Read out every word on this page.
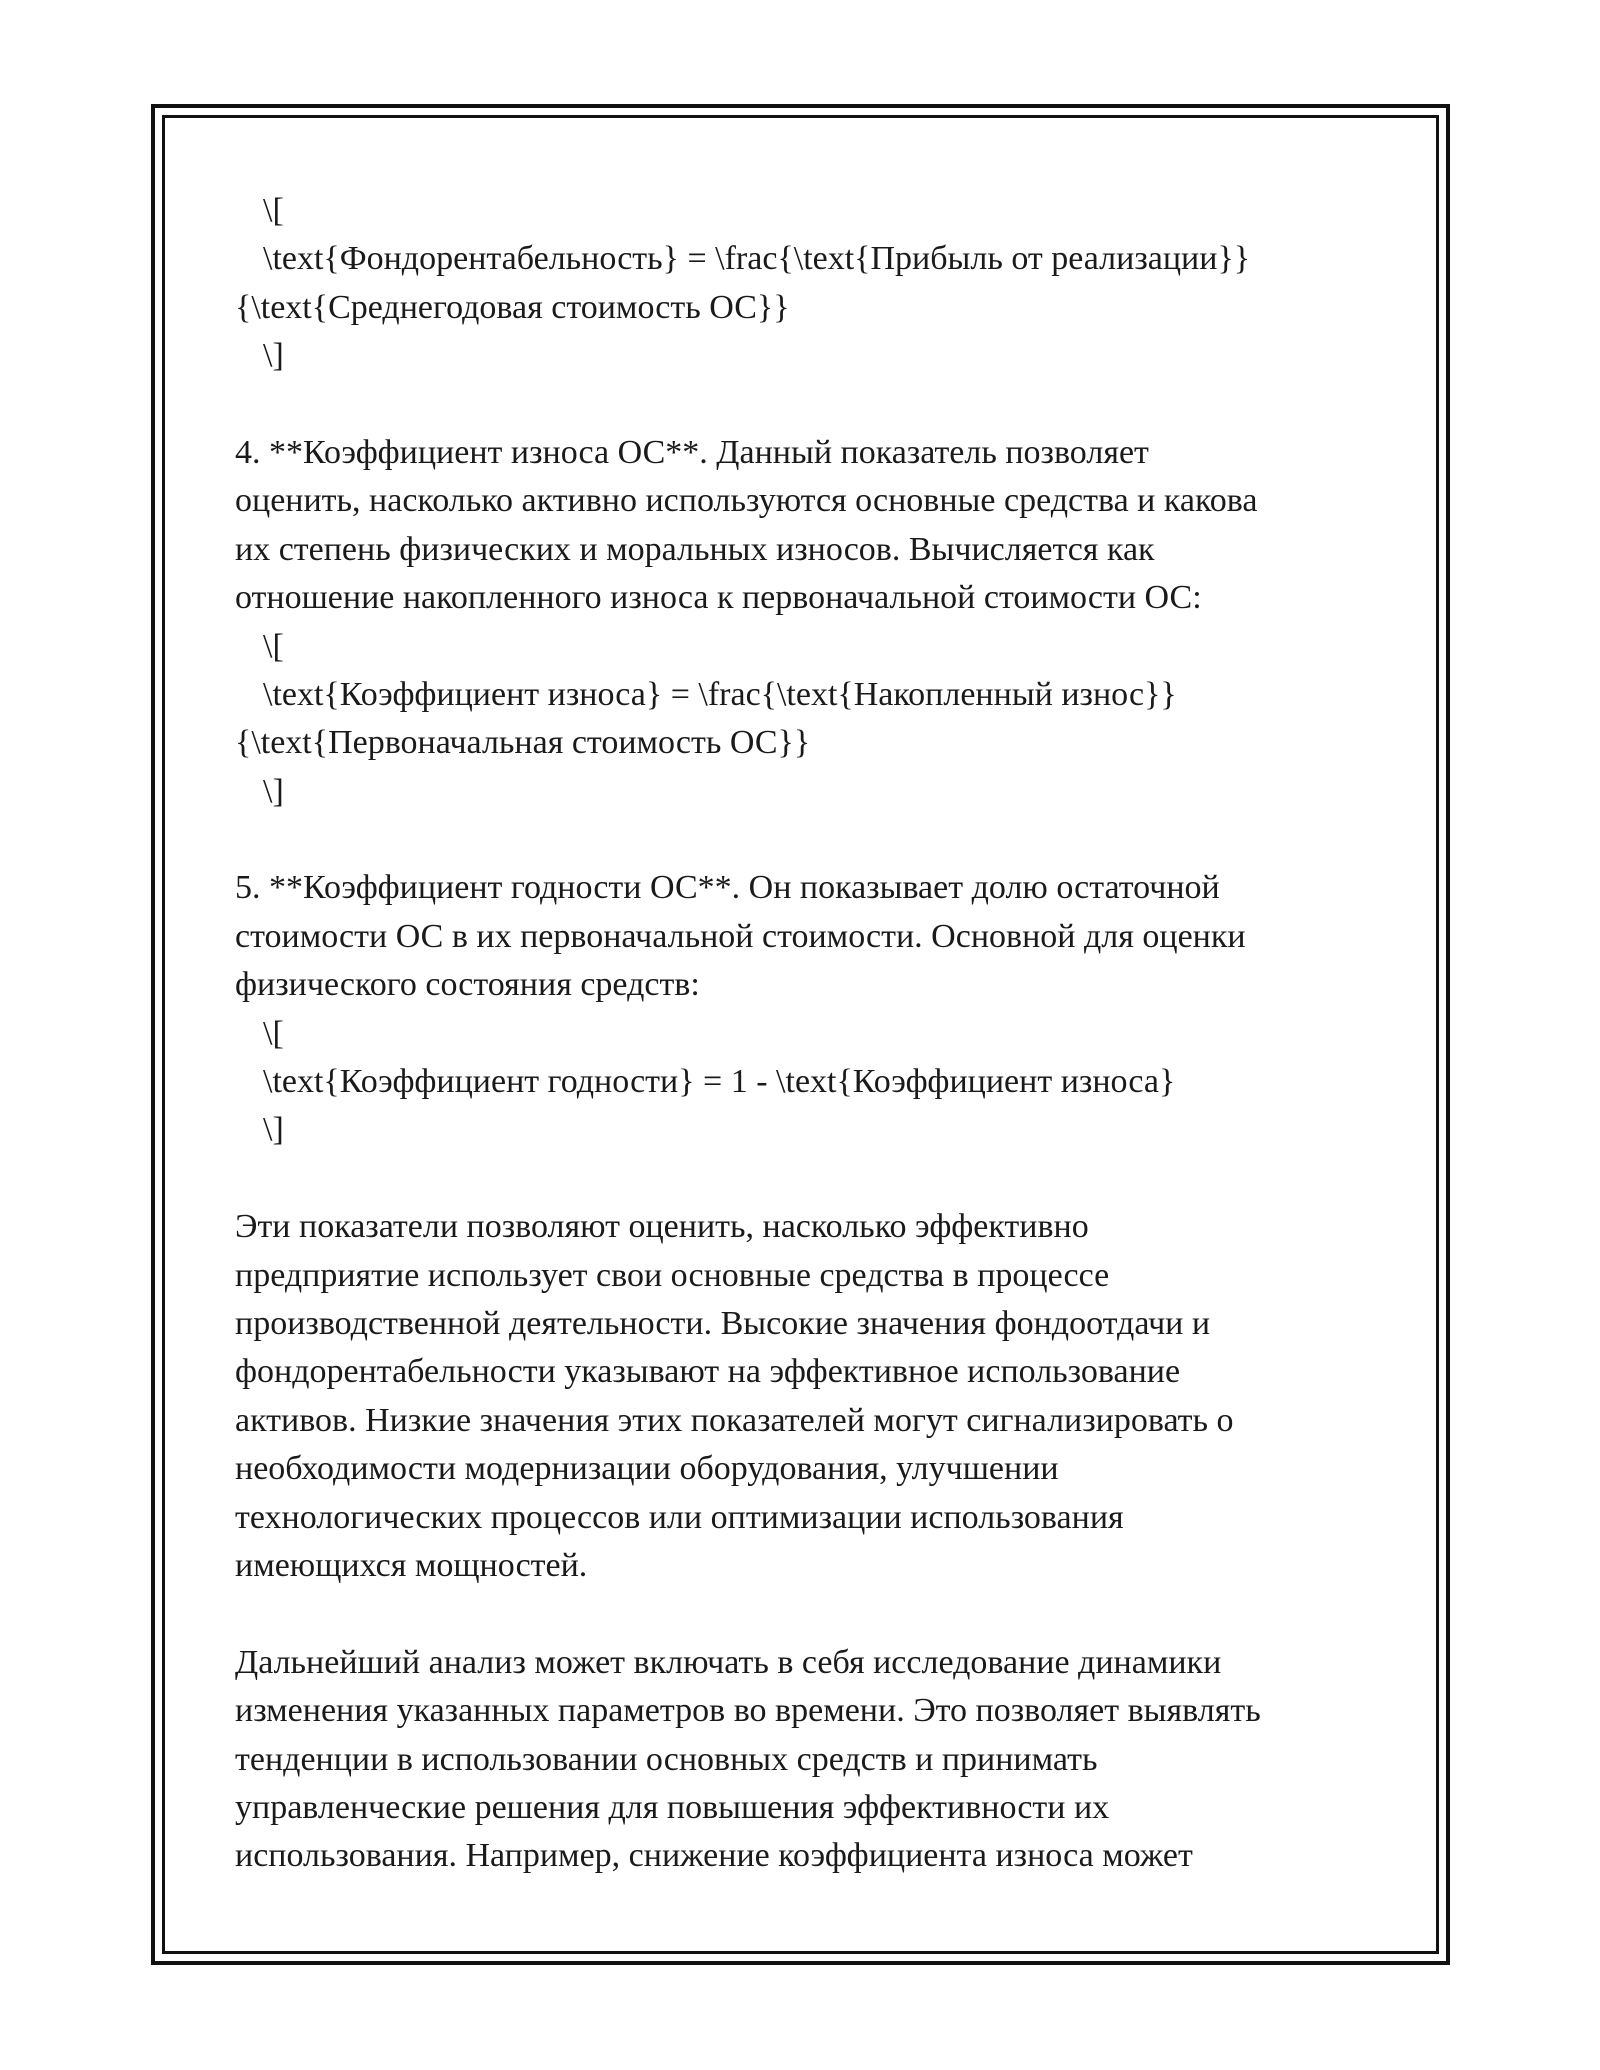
\[
\text{Фондорентабельность} = \frac{\text{Прибыль от реализации}}
{\text{Среднегодовая стоимость ОС}}
\]
4. **Коэффициент износа ОС**. Данный показатель позволяет
оценить, насколько активно используются основные средства и какова
их степень физических и моральных износов. Вычисляется как
отношение накопленного износа к первоначальной стоимости ОС:
\[
\text{Коэффициент износа} = \frac{\text{Накопленный износ}}
{\text{Первоначальная стоимость ОС}}
\]
5. **Коэффициент годности ОС**. Он показывает долю остаточной
стоимости ОС в их первоначальной стоимости. Основной для оценки
физического состояния средств:
\[
\text{Коэффициент годности} = 1 - \text{Коэффициент износа}
\]
Эти показатели позволяют оценить, насколько эффективно
предприятие использует свои основные средства в процессе
производственной деятельности. Высокие значения фондоотдачи и
фондорентабельности указывают на эффективное использование
активов. Низкие значения этих показателей могут сигнализировать о
необходимости модернизации оборудования, улучшении
технологических процессов или оптимизации использования
имеющихся мощностей.
Дальнейший анализ может включать в себя исследование динамики
изменения указанных параметров во времени. Это позволяет выявлять
тенденции в использовании основных средств и принимать
управленческие решения для повышения эффективности их
использования. Например, снижение коэффициента износа может
